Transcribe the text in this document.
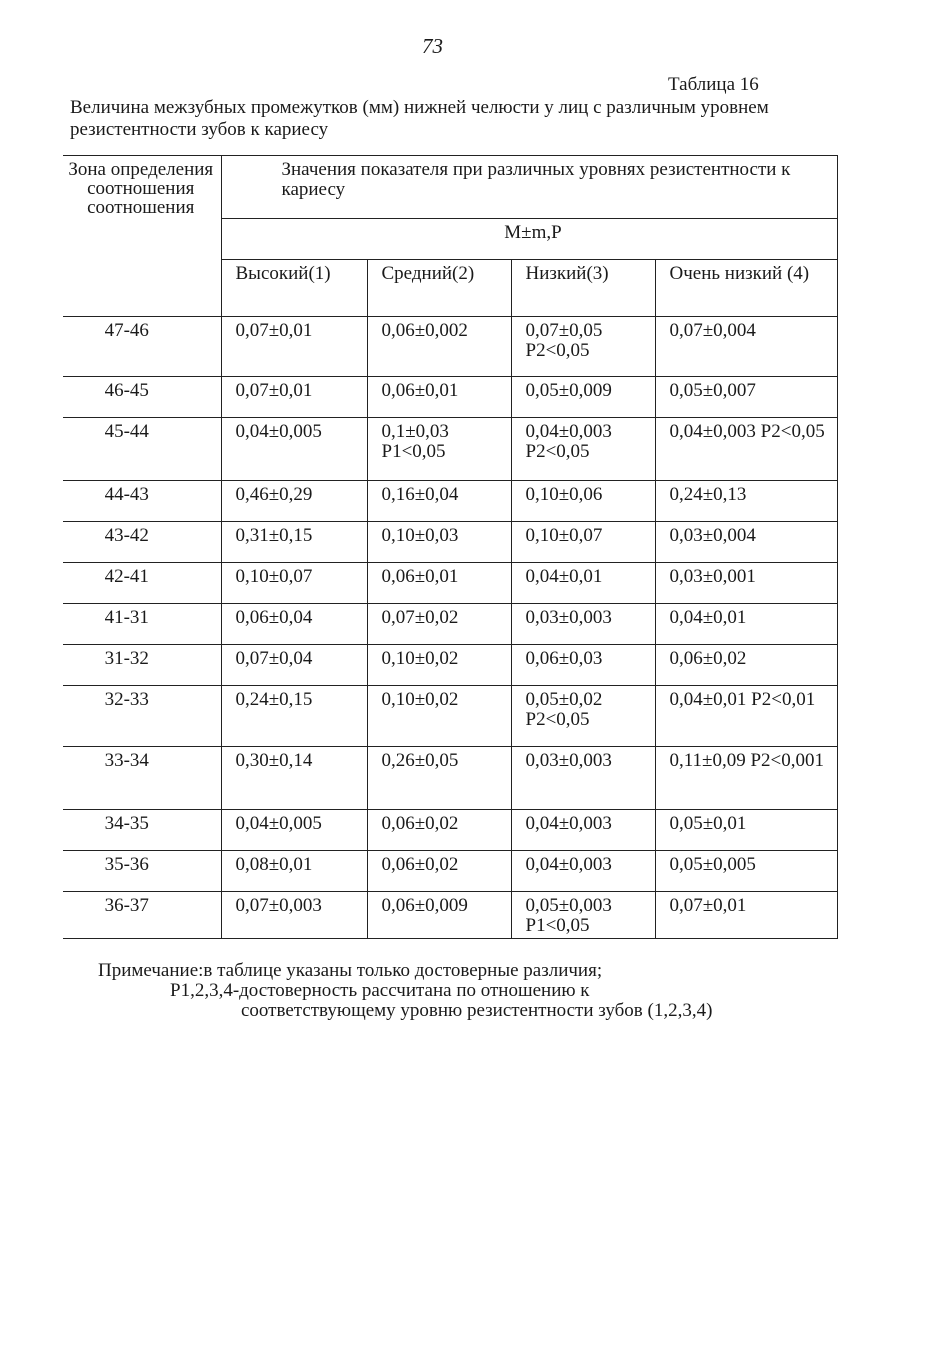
73
Таблица 16
Величина межзубных промежутков (мм) нижней челюсти у лиц с различным уровнем резистентности зубов к кариесу
Зона определения соотношения соотношения	Значения показателя при различных уровнях резистентности к кариесу			
	M±m,P			
	Высокий(1)	Средний(2)	Низкий(3)	Очень низкий (4)
47-46	0,07±0,01	0,06±0,002	0,07±0,05 P2<0,05	0,07±0,004
46-45	0,07±0,01	0,06±0,01	0,05±0,009	0,05±0,007
45-44	0,04±0,005	0,1±0,03 P1<0,05	0,04±0,003 P2<0,05	0,04±0,003 P2<0,05
44-43	0,46±0,29	0,16±0,04	0,10±0,06	0,24±0,13
43-42	0,31±0,15	0,10±0,03	0,10±0,07	0,03±0,004
42-41	0,10±0,07	0,06±0,01	0,04±0,01	0,03±0,001
41-31	0,06±0,04	0,07±0,02	0,03±0,003	0,04±0,01
31-32	0,07±0,04	0,10±0,02	0,06±0,03	0,06±0,02
32-33	0,24±0,15	0,10±0,02	0,05±0,02 P2<0,05	0,04±0,01 P2<0,01
33-34	0,30±0,14	0,26±0,05	0,03±0,003	0,11±0,09 P2<0,001
34-35	0,04±0,005	0,06±0,02	0,04±0,003	0,05±0,01
35-36	0,08±0,01	0,06±0,02	0,04±0,003	0,05±0,005
36-37	0,07±0,003	0,06±0,009	0,05±0,003 P1<0,05	0,07±0,01
Примечание:в таблице указаны только достоверные различия;
P1,2,3,4-достоверность рассчитана по отношению к
соответствующему уровню резистентности зубов (1,2,3,4)
